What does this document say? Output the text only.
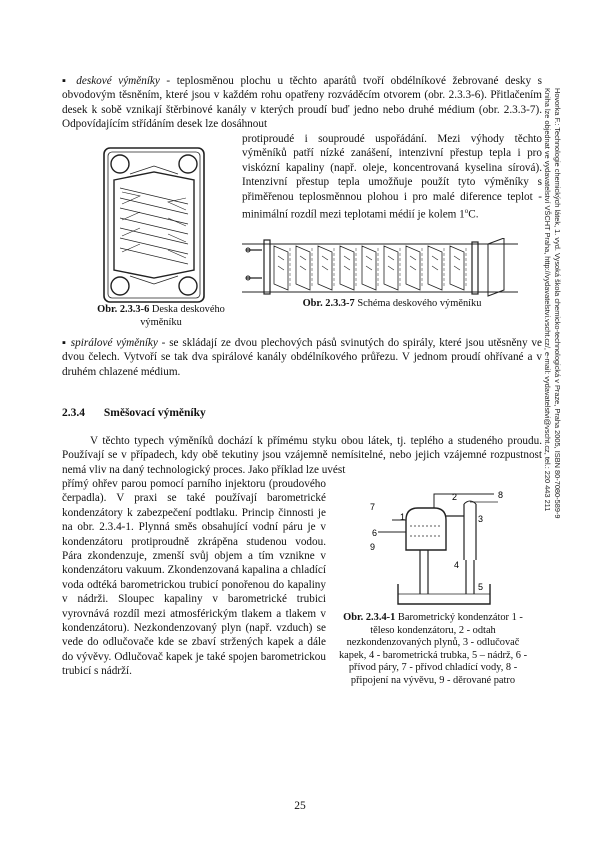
▪ deskové výměníky - teplosměnou plochu u těchto aparátů tvoří obdélníkové žebrované desky s obvodovým těsněním, které jsou v každém rohu opatřeny rozváděcím otvorem (obr. 2.3.3-6). Přitlačením desek k sobě vznikají štěrbinové kanály v kterých proudí buď jedno nebo druhé médium (obr. 2.3.3-7). Odpovídajícím střídáním desek lze dosáhnout
protiproudé i souproudé uspořádání. Mezi výhody těchto výměníků patří nízké zanášení, intenzivní přestup tepla i pro viskózní kapaliny (např. oleje, koncentrovaná kyselina sírová). Intenzivní přestup tepla umožňuje použít tyto výměníky s přiměřenou teplosměnnou plohou i pro malé diference teplot - minimální rozdíl mezi teplotami médií je kolem 1$^o$C.
Obr. 2.3.3-6 Deska deskového výměníku
Obr. 2.3.3-7 Schéma deskového výměníku
▪ spirálové výměníky - se skládají ze dvou plechových pásů svinutých do spirály, které jsou utěsněny ve dvou čelech. Vytvoří se tak dva spirálové kanály obdélníkového průřezu. V jednom proudí ohřívané a v druhém chlazené médium.
2.3.4 Směšovací výměníky
V těchto typech výměníků dochází k přímému styku obou látek, tj. teplého a studeného proudu. Používají se v případech, kdy obě tekutiny jsou vzájemně nemísitelné, nebo jejich vzájemné rozpustnost nemá vliv na daný technologický proces. Jako příklad lze uvést
přímý ohřev parou pomocí parního injektoru (proudového čerpadla). V praxi se také používají barometrické kondenzátory k zabezpečení podtlaku. Princip činnosti je na obr. 2.3.4-1. Plynná směs obsahující vodní páru je v kondenzátoru protiproudně zkrápěna studenou vodou. Pára zkondenzuje, zmenší svůj objem a tím vznikne v kondenzátoru vakuum. Zkondenzovaná kapalina a chladící voda odtéká barometrickou trubicí ponořenou do kapaliny v nádrži. Sloupec kapaliny v barometrické trubici vyrovnává rozdíl mezi atmosférickým tlakem a tlakem v kondenzátoru). Nezkondenzovaný plyn (např. vzduch) se vede do odlučovače kde se zbaví stržených kapek a dále do vývěvy. Odlučovač kapek je také spojen barometrickou trubicí s nádrží.
1
2
3
4
5
6
7
8
9
Obr. 2.3.4-1 Barometrický kondenzátor 1 - těleso kondenzátoru, 2 - odtah nezkondenzovaných plynů, 3 - odlučovač kapek, 4 - barometrická trubka, 5 – nádrž, 6 - přívod páry, 7 - přívod chladící vody, 8 - připojení na vývěvu, 9 - děrované patro
Hovorka F.: Technologie chemických látek, 1. vyd. Vysoká škola chemicko-technologická v Praze, Praha 2005, ISBN 80-7080-589-9
Kniha lze objednat ve vydavatelství VŠCHT Praha, http://vydavatelstvi.vscht.cz/, e-mail: vydavatelstvi@vscht.cz, tel.: 220 443 211
25
